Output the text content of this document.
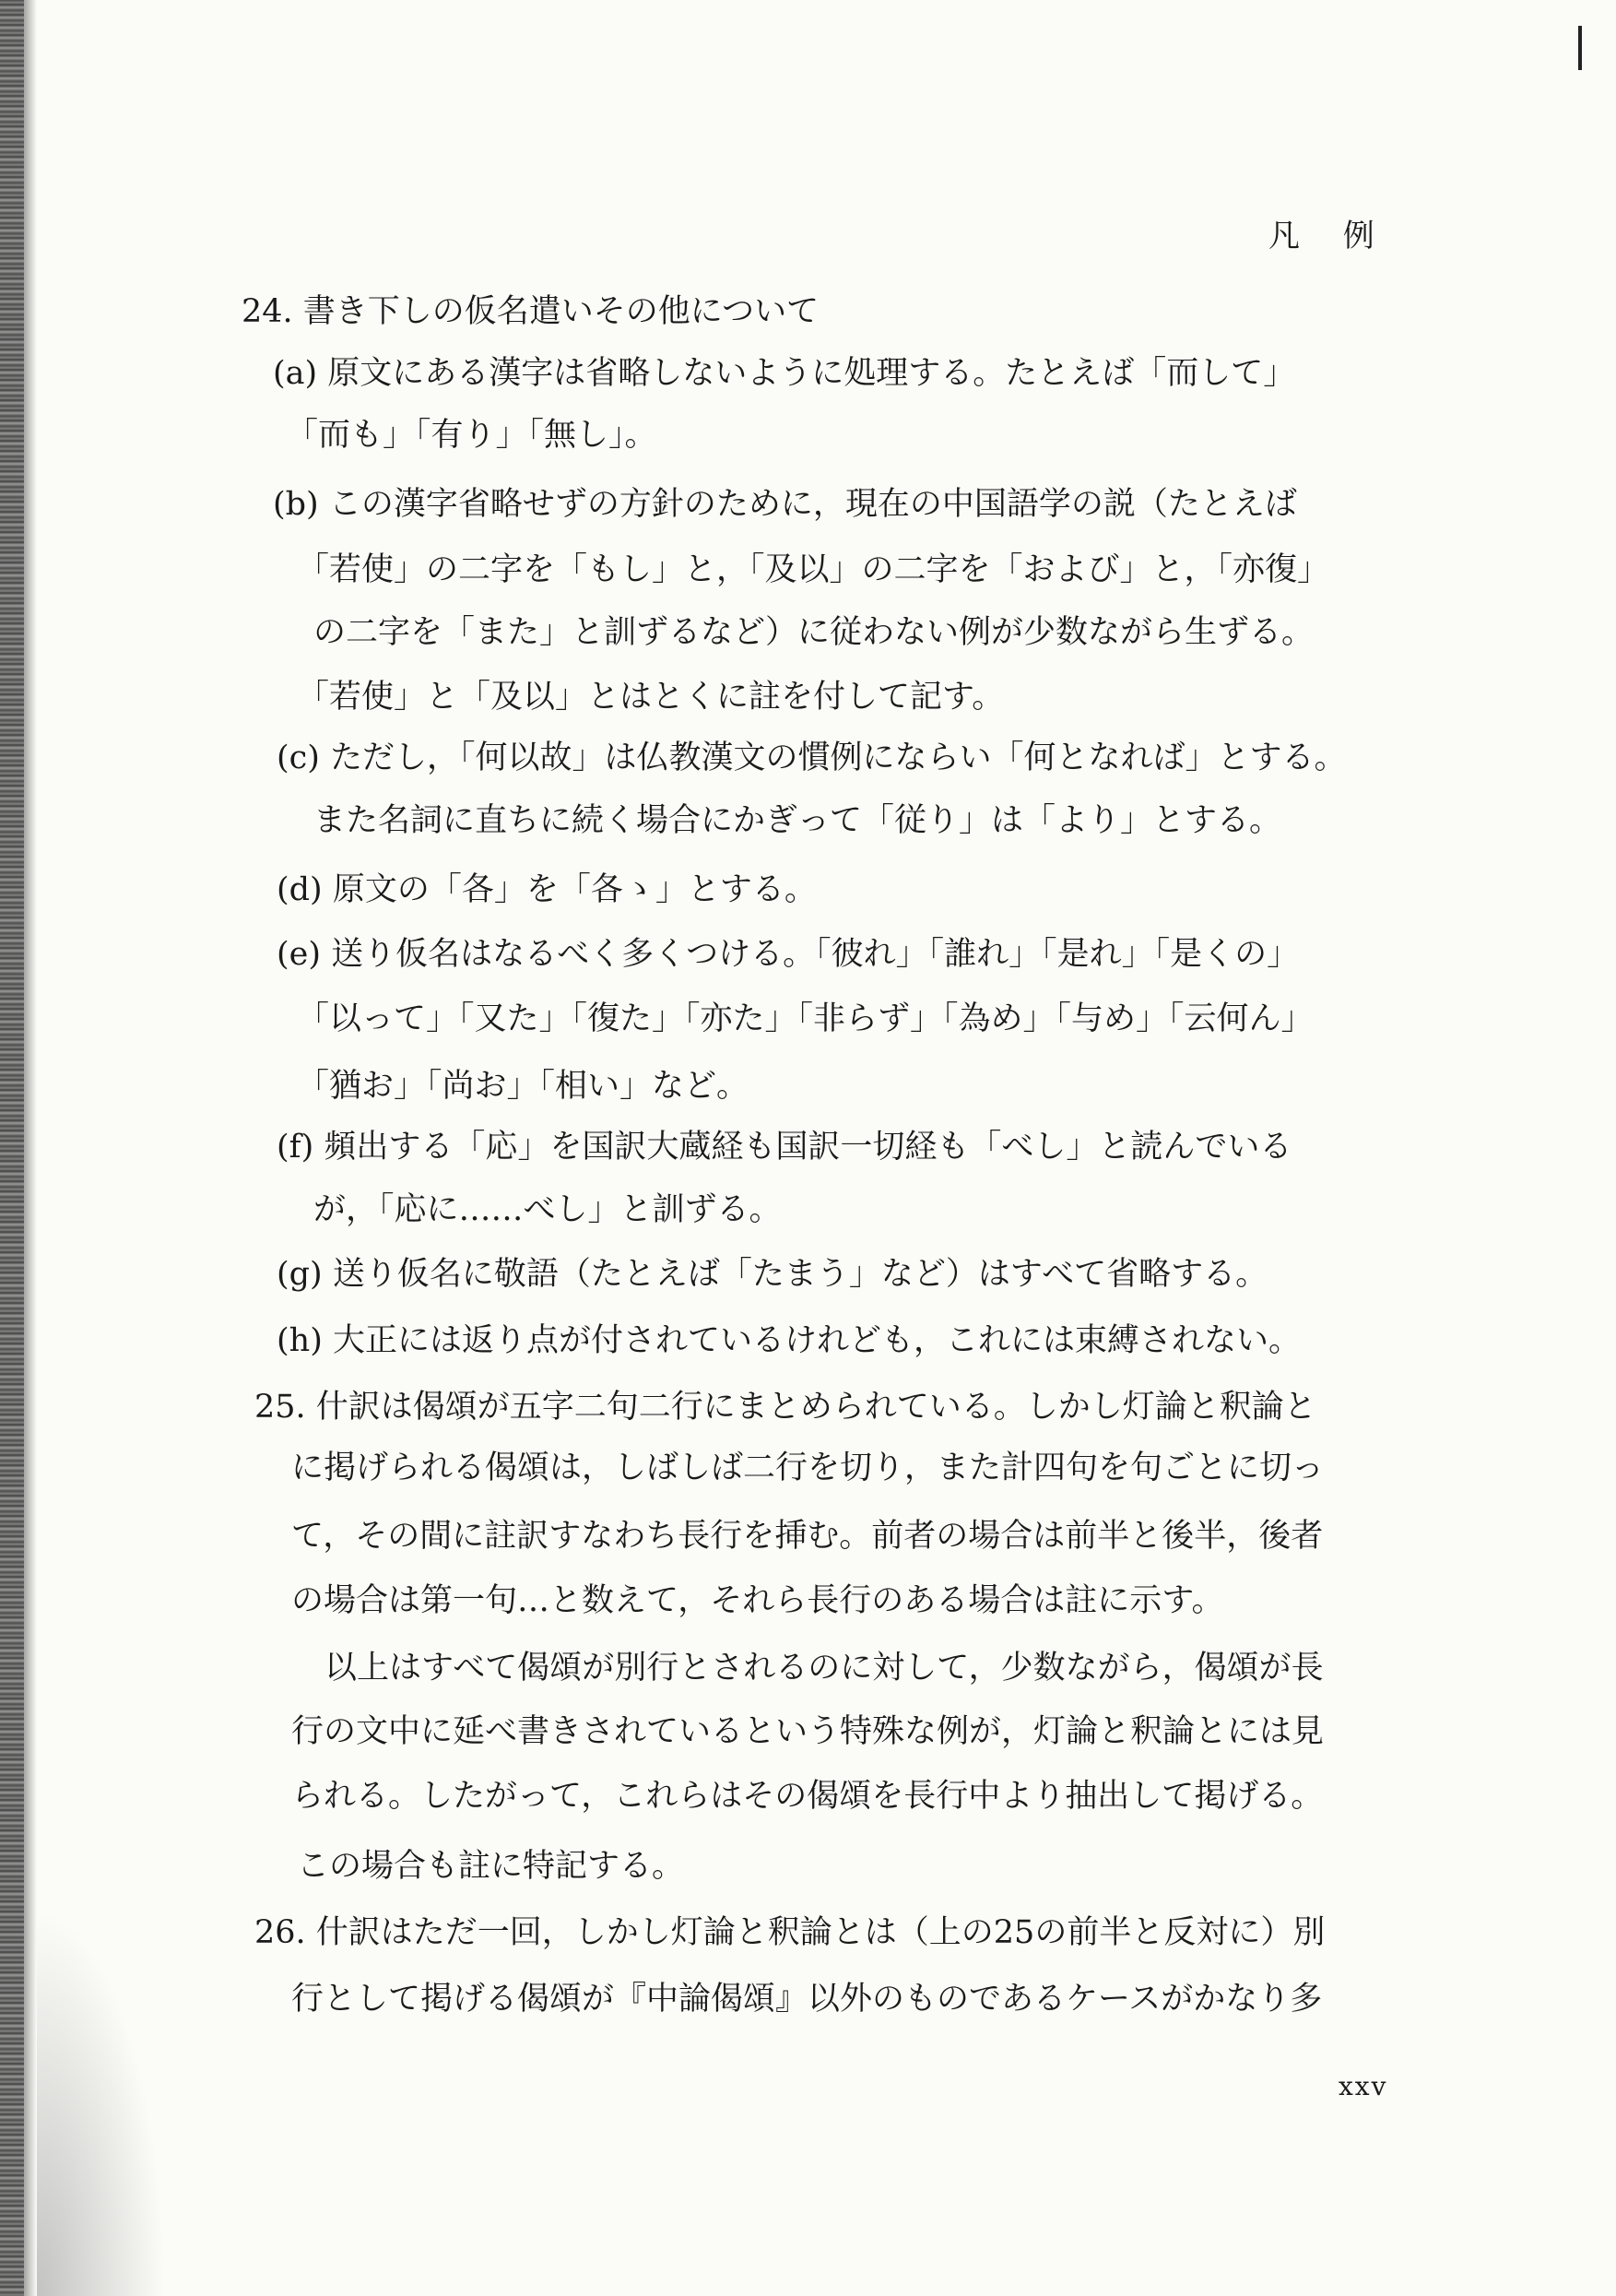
凡 例
24. 書き下しの仮名遣いその他について
(a) 原文にある漢字は省略しないように処理する。たとえば「而して」
「而も」「有り」「無し」。
(b) この漢字省略せずの方針のために，現在の中国語学の説（たとえば
「若使」の二字を「もし」と，「及以」の二字を「および」と，「亦復」
の二字を「また」と訓ずるなど）に従わない例が少数ながら生ずる。
「若使」と「及以」とはとくに註を付して記す。
(c) ただし，「何以故」は仏教漢文の慣例にならい「何となれば」とする。
また名詞に直ちに続く場合にかぎって「従り」は「より」とする。
(d) 原文の「各」を「各ゝ」とする。
(e) 送り仮名はなるべく多くつける。「彼れ」「誰れ」「是れ」「是くの」
「以って」「又た」「復た」「亦た」「非らず」「為め」「与め」「云何ん」
「猶お」「尚お」「相い」など。
(f) 頻出する「応」を国訳大蔵経も国訳一切経も「べし」と読んでいる
が，「応に……べし」と訓ずる。
(g) 送り仮名に敬語（たとえば「たまう」など）はすべて省略する。
(h) 大正には返り点が付されているけれども，これには束縛されない。
25. 什訳は偈頌が五字二句二行にまとめられている。しかし灯論と釈論と
に掲げられる偈頌は，しばしば二行を切り，また計四句を句ごとに切っ
て，その間に註訳すなわち長行を挿む。前者の場合は前半と後半，後者
の場合は第一句…と数えて，それら長行のある場合は註に示す。
以上はすべて偈頌が別行とされるのに対して，少数ながら，偈頌が長
行の文中に延べ書きされているという特殊な例が，灯論と釈論とには見
られる。したがって，これらはその偈頌を長行中より抽出して掲げる。
この場合も註に特記する。
26. 什訳はただ一回，しかし灯論と釈論とは（上の25の前半と反対に）別
行として掲げる偈頌が『中論偈頌』以外のものであるケースがかなり多
xxv
